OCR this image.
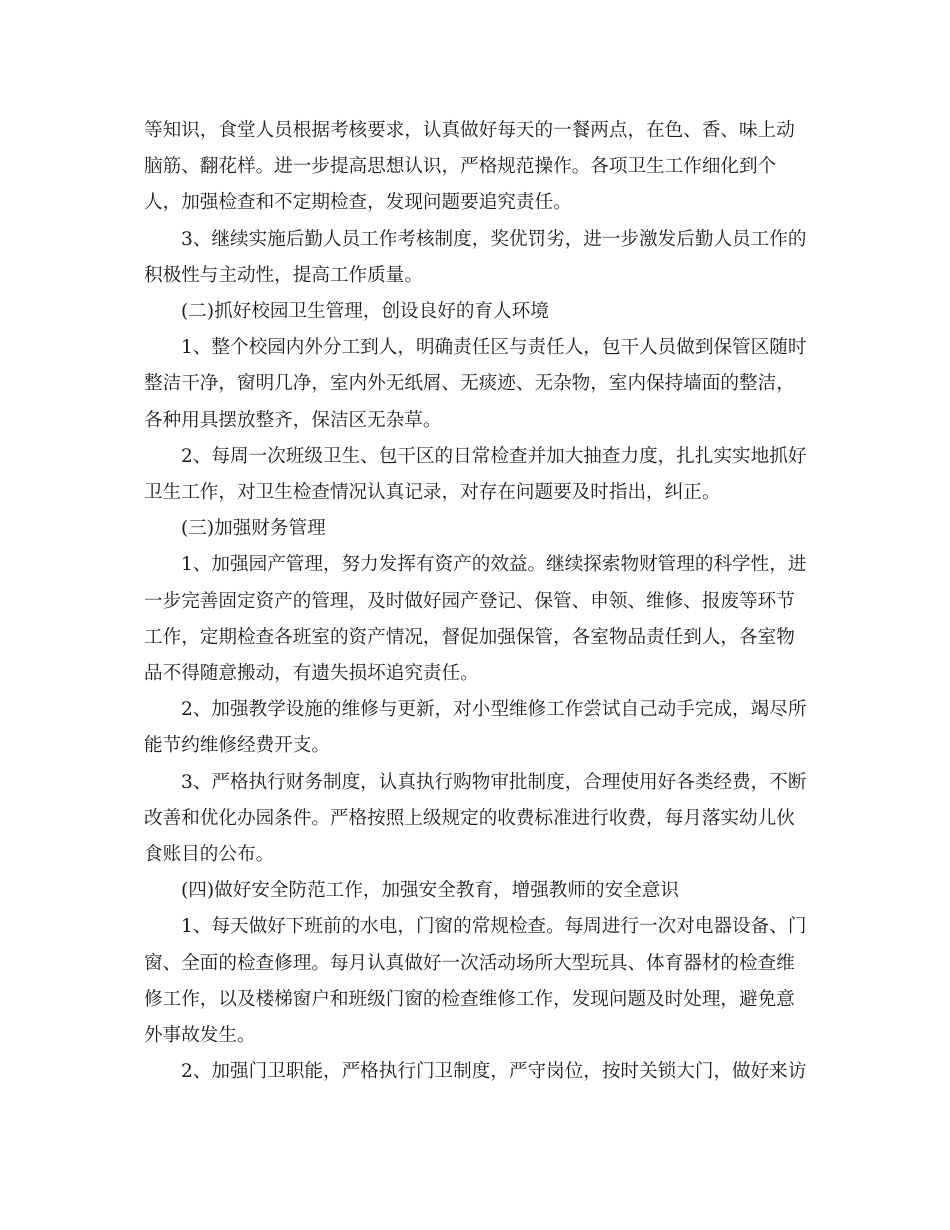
等知识，食堂人员根据考核要求，认真做好每天的一餐两点，在色、香、味上动
脑筋、翻花样。进一步提高思想认识，严格规范操作。各项卫生工作细化到个
人，加强检查和不定期检查，发现问题要追究责任。
3、继续实施后勤人员工作考核制度，奖优罚劣，进一步激发后勤人员工作的
积极性与主动性，提高工作质量。
(二)抓好校园卫生管理，创设良好的育人环境
1、整个校园内外分工到人，明确责任区与责任人，包干人员做到保管区随时
整洁干净，窗明几净，室内外无纸屑、无痰迹、无杂物，室内保持墙面的整洁，
各种用具摆放整齐，保洁区无杂草。
2、每周一次班级卫生、包干区的日常检查并加大抽查力度，扎扎实实地抓好
卫生工作，对卫生检查情况认真记录，对存在问题要及时指出，纠正。
(三)加强财务管理
1、加强园产管理，努力发挥有资产的效益。继续探索物财管理的科学性，进
一步完善固定资产的管理，及时做好园产登记、保管、申领、维修、报废等环节
工作，定期检查各班室的资产情况，督促加强保管，各室物品责任到人，各室物
品不得随意搬动，有遗失损坏追究责任。
2、加强教学设施的维修与更新，对小型维修工作尝试自己动手完成，竭尽所
能节约维修经费开支。
3、严格执行财务制度，认真执行购物审批制度，合理使用好各类经费，不断
改善和优化办园条件。严格按照上级规定的收费标准进行收费，每月落实幼儿伙
食账目的公布。
(四)做好安全防范工作，加强安全教育，增强教师的安全意识
1、每天做好下班前的水电，门窗的常规检查。每周进行一次对电器设备、门
窗、全面的检查修理。每月认真做好一次活动场所大型玩具、体育器材的检查维
修工作，以及楼梯窗户和班级门窗的检查维修工作，发现问题及时处理，避免意
外事故发生。
2、加强门卫职能，严格执行门卫制度，严守岗位，按时关锁大门，做好来访
